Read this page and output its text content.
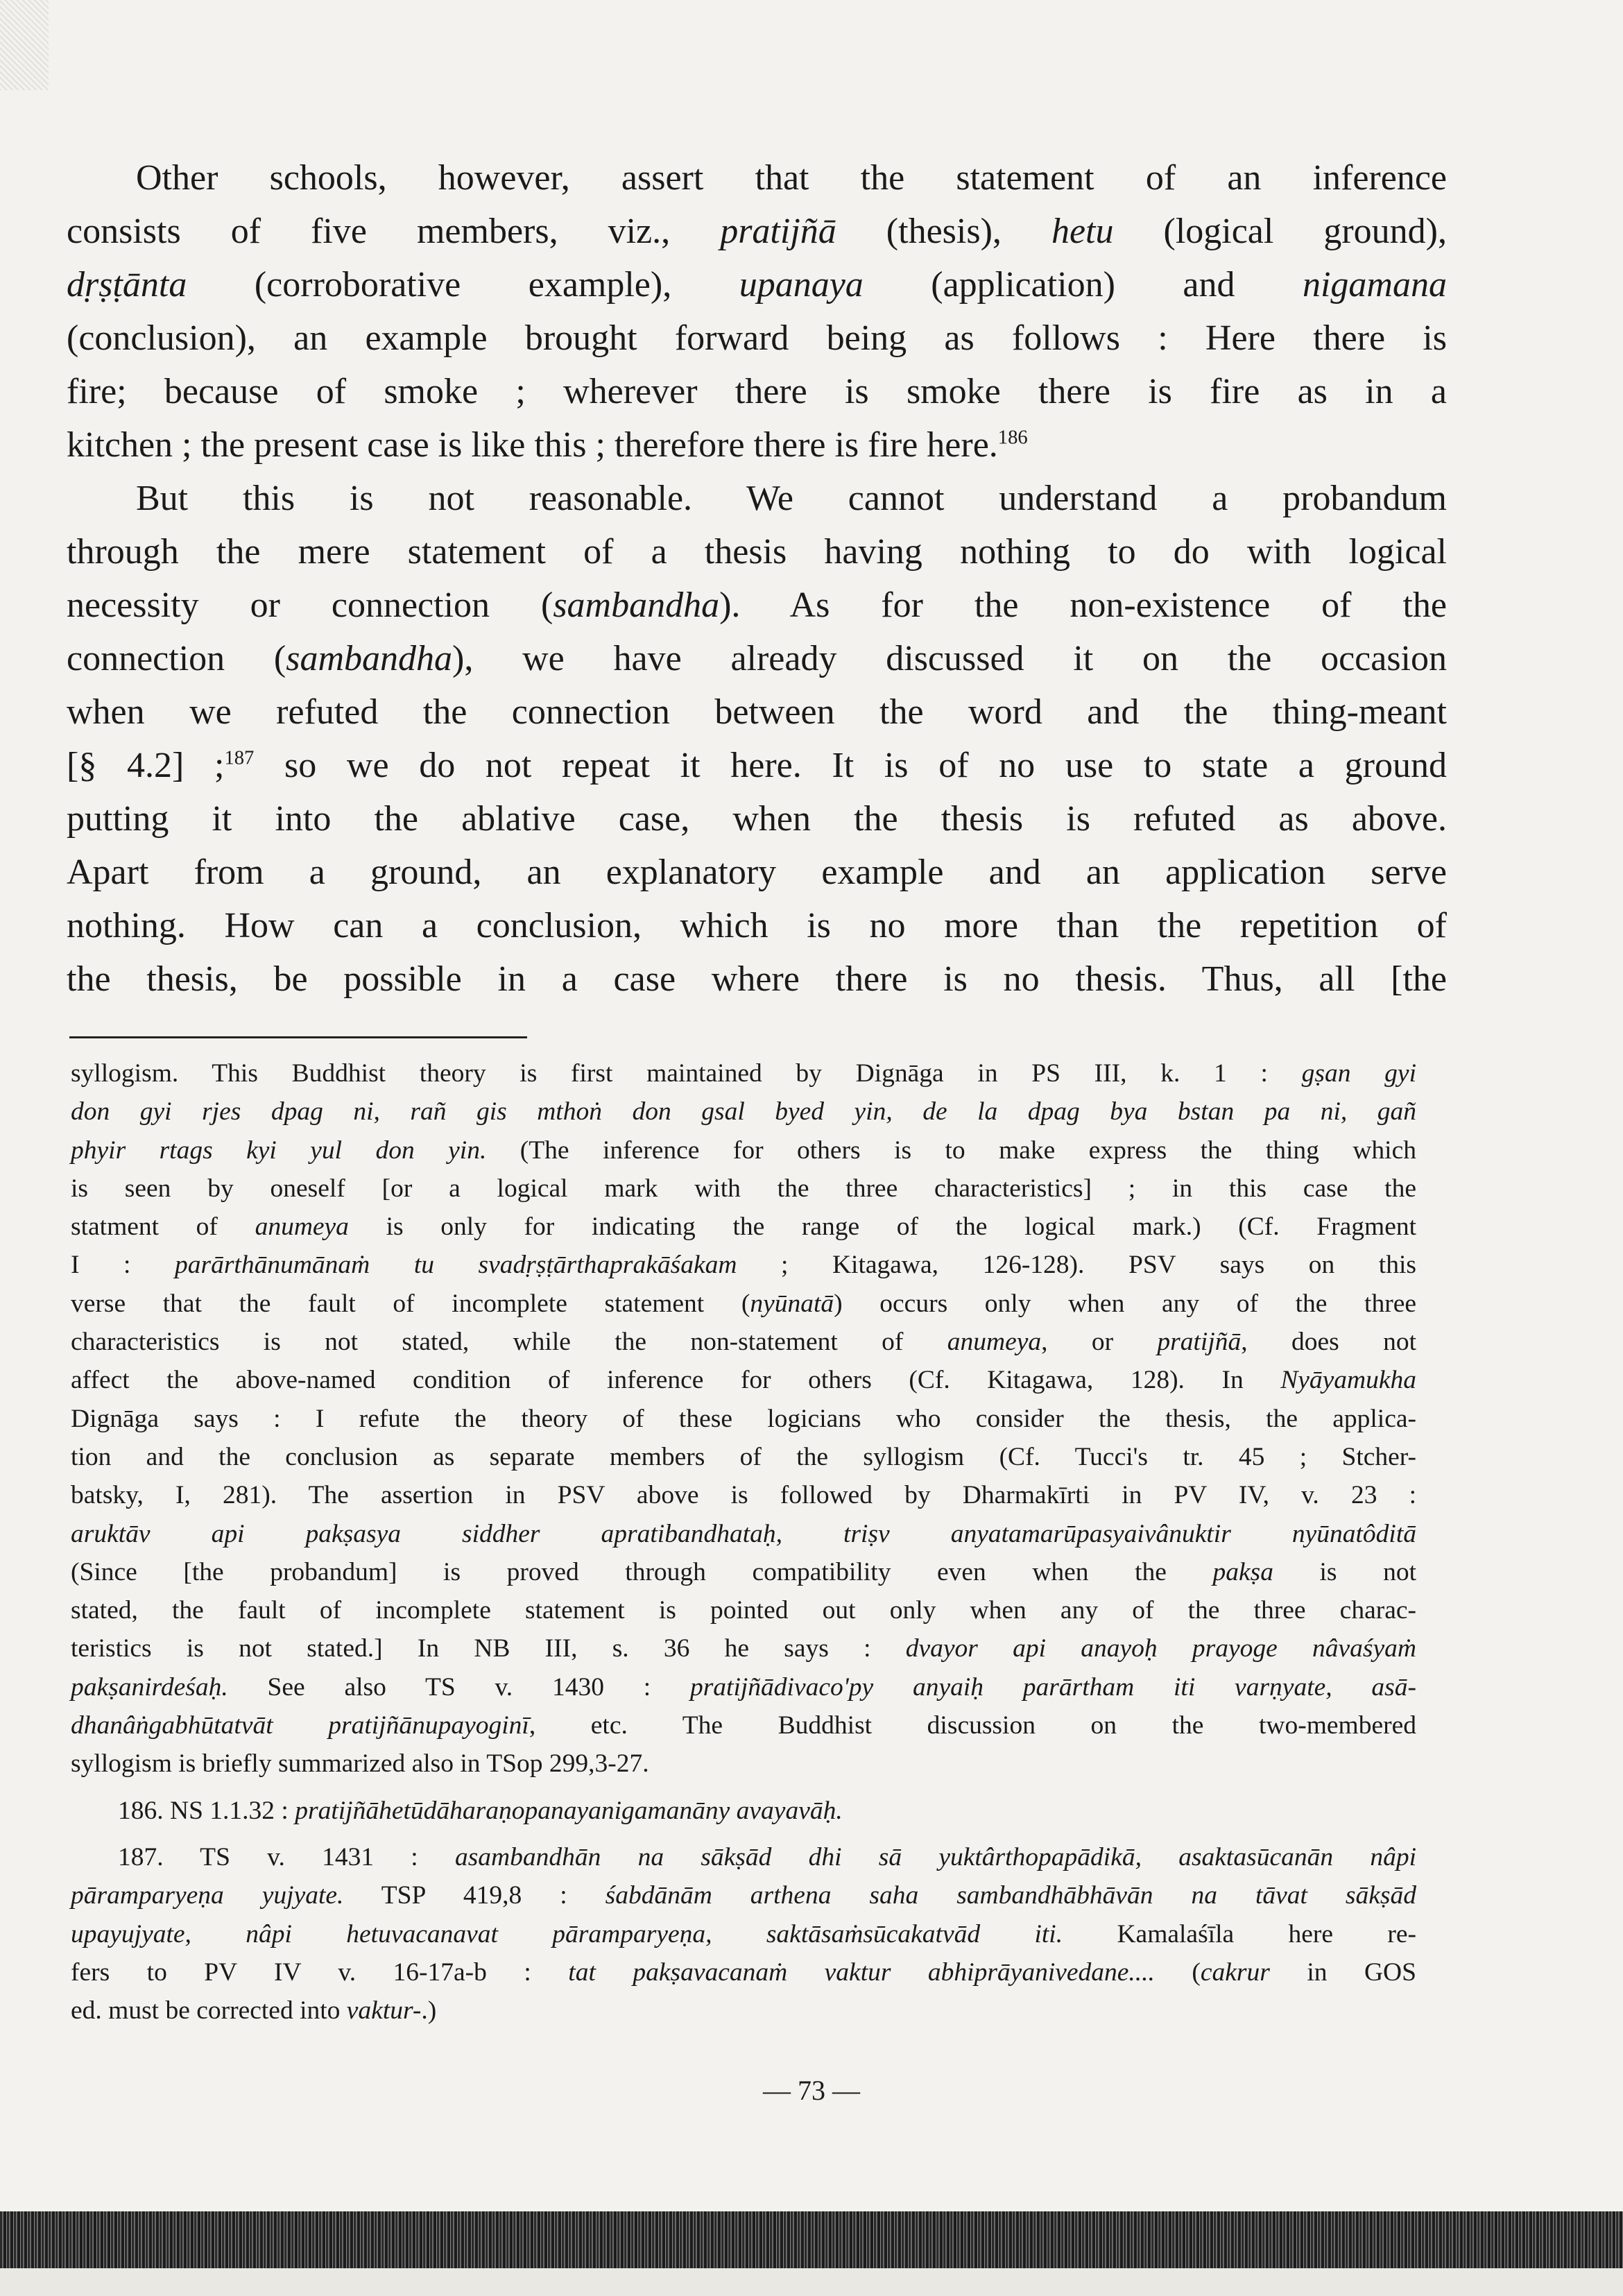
Other schools, however, assert that the statement of an inference
consists of five members, viz., pratijñā (thesis), hetu (logical ground),
dṛṣṭānta (corroborative example), upanaya (application) and nigamana
(conclusion), an example brought forward being as follows : Here there is
fire; because of smoke ; wherever there is smoke there is fire as in a
kitchen ; the present case is like this ; therefore there is fire here.$^{186}$
But this is not reasonable. We cannot understand a probandum
through the mere statement of a thesis having nothing to do with logical
necessity or connection (sambandha). As for the non-existence of the
connection (sambandha), we have already discussed it on the occasion
when we refuted the connection between the word and the thing-meant
[§ 4.2] ;$^{187}$ so we do not repeat it here. It is of no use to state a ground
putting it into the ablative case, when the thesis is refuted as above.
Apart from a ground, an explanatory example and an application serve
nothing. How can a conclusion, which is no more than the repetition of
the thesis, be possible in a case where there is no thesis. Thus, all [the
syllogism. This Buddhist theory is first maintained by Dignāga in PS III, k. 1 : gṣan gyi
don gyi rjes dpag ni, rañ gis mthoṅ don gsal byed yin, de la dpag bya bstan pa ni, gañ
phyir rtags kyi yul don yin. (The inference for others is to make express the thing which
is seen by oneself [or a logical mark with the three characteristics] ; in this case the
statment of anumeya is only for indicating the range of the logical mark.) (Cf. Fragment
I : parārthānumānaṁ tu svadṛṣṭārthaprakāśakam ; Kitagawa, 126-128). PSV says on this
verse that the fault of incomplete statement (nyūnatā) occurs only when any of the three
characteristics is not stated, while the non-statement of anumeya, or pratijñā, does not
affect the above-named condition of inference for others (Cf. Kitagawa, 128). In Nyāyamukha
Dignāga says : I refute the theory of these logicians who consider the thesis, the applica-
tion and the conclusion as separate members of the syllogism (Cf. Tucci's tr. 45 ; Stcher-
batsky, I, 281). The assertion in PSV above is followed by Dharmakīrti in PV IV, v. 23 :
aruktāv api pakṣasya siddher apratibandhataḥ, triṣv anyatamarūpasyaivânuktir nyūnatôditā
(Since [the probandum] is proved through compatibility even when the pakṣa is not
stated, the fault of incomplete statement is pointed out only when any of the three charac-
teristics is not stated.] In NB III, s. 36 he says : dvayor api anayoḥ prayoge nâvaśyaṁ
pakṣanirdeśaḥ. See also TS v. 1430 : pratijñādivaco'py anyaiḥ parārtham iti varṇyate, asā-
dhanâṅgabhūtatvāt pratijñānupayoginī, etc. The Buddhist discussion on the two-membered
syllogism is briefly summarized also in TSop 299,3-27.
186. NS 1.1.32 : pratijñāhetūdāharaṇopanayanigamanāny avayavāḥ.
187. TS v. 1431 : asambandhān na sākṣād dhi sā yuktârthopapādikā, asaktasūcanān nâpi
pāramparyeṇa yujyate. TSP 419,8 : śabdānām arthena saha sambandhābhāvān na tāvat sākṣād
upayujyate, nâpi hetuvacanavat pāramparyeṇa, saktāsaṁsūcakatvād iti. Kamalaśīla here re-
fers to PV IV v. 16-17a-b : tat pakṣavacanaṁ vaktur abhiprāyanivedane.... (cakrur in GOS
ed. must be corrected into vaktur-.)
— 73 —
